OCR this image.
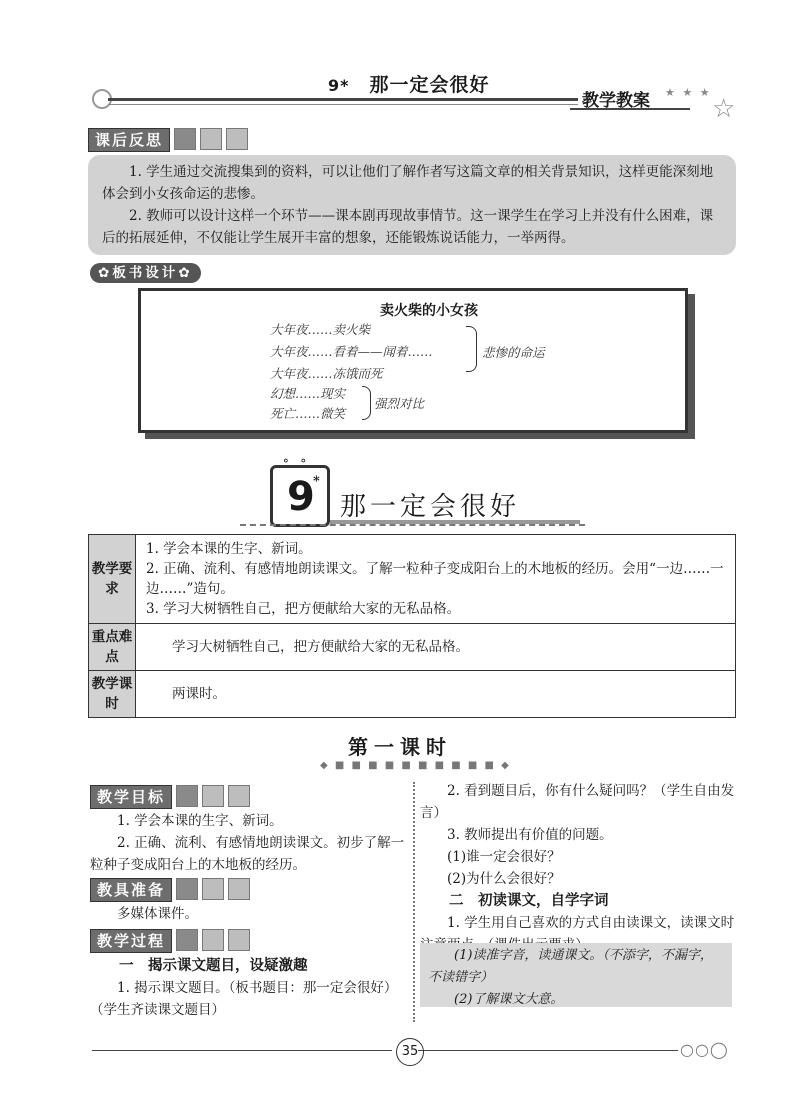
9* 那一定会很好
教学教案 ★ ★ ★
☆
课后反思

1. 学生通过交流搜集到的资料，可以让他们了解作者写这篇文章的相关背景知识，这样更能深刻地体会到小女孩命运的悲惨。

2. 教师可以设计这样一个环节——课本剧再现故事情节。这一课学生在学习上并没有什么困难，课后的拓展延伸，不仅能让学生展开丰富的想象，还能锻炼说话能力，一举两得。

✿板书设计✿
卖火柴的小女孩
大年夜……卖火柴
大年夜……看着——闻着……
大年夜……冻饿而死
悲惨的命运
幻想……现实
死亡……微笑
强烈对比
ᐤᐤ
9
*
那一定会很好
教学要求	1. 学会本课的生字、新词。
2. 正确、流利、有感情地朗读课文。了解一粒种子变成阳台上的木地板的经历。会用“一边……一边……”造句。
3. 学习大树牺牲自己，把方便献给大家的无私品格。

重点难点	学习大树牺牲自己，把方便献给大家的无私品格。
教学课时	两课时。
第一课时
◆ ■ ■ ■ ■ ■ ■ ■ ■ ■ ■ ◆
教学目标

1. 学会本课的生字、新词。

2. 正确、流利、有感情地朗读课文。初步了解一粒种子变成阳台上的木地板的经历。

教具准备

多媒体课件。

教学过程

一　揭示课文题目，设疑激趣

1. 揭示课文题目。（板书题目：那一定会很好）（学生齐读课文题目）

2. 看到题目后，你有什么疑问吗？（学生自由发言）

3. 教师提出有价值的问题。

(1)谁一定会很好？

(2)为什么会很好？

二　初读课文，自学字词

1. 学生用自己喜欢的方式自由读课文，读课文时

(1)读准字音，读通课文。（不添字，不漏字，不读错字）
(2)了解课文大意。
35	○○◯
